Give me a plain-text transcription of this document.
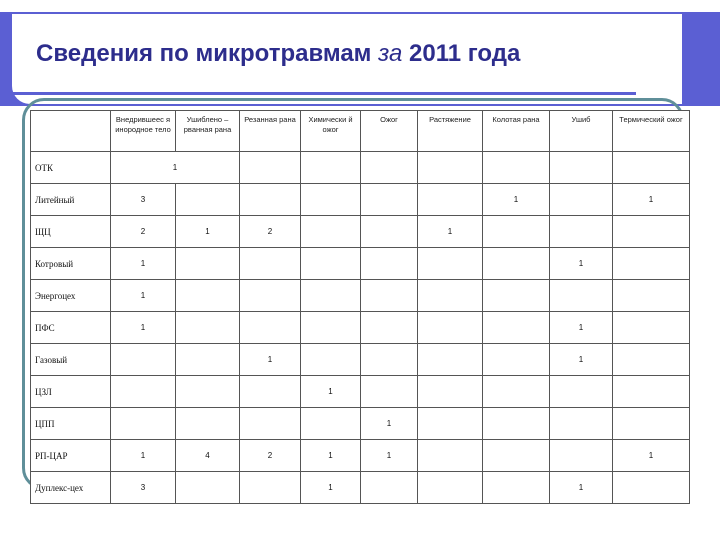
Сведения по микротравмам за 2011 года
	Внедрившеес я инородное тело	Ушиблено – рванная рана	Резанная рана	Химически й ожог	Ожог	Растяжение	Колотая рана	Ушиб	Термический ожог
ОТК	1								
Литейный	3						1		1
ЩЦ	2	1	2			1			
Котровый	1							1	
Энергоцех	1								
ПФС	1							1	
Газовый			1					1	
ЦЗЛ				1					
ЦПП					1				
РП-ЦАР	1	4	2	1	1				1
Дуплекс-цех	3			1				1	
